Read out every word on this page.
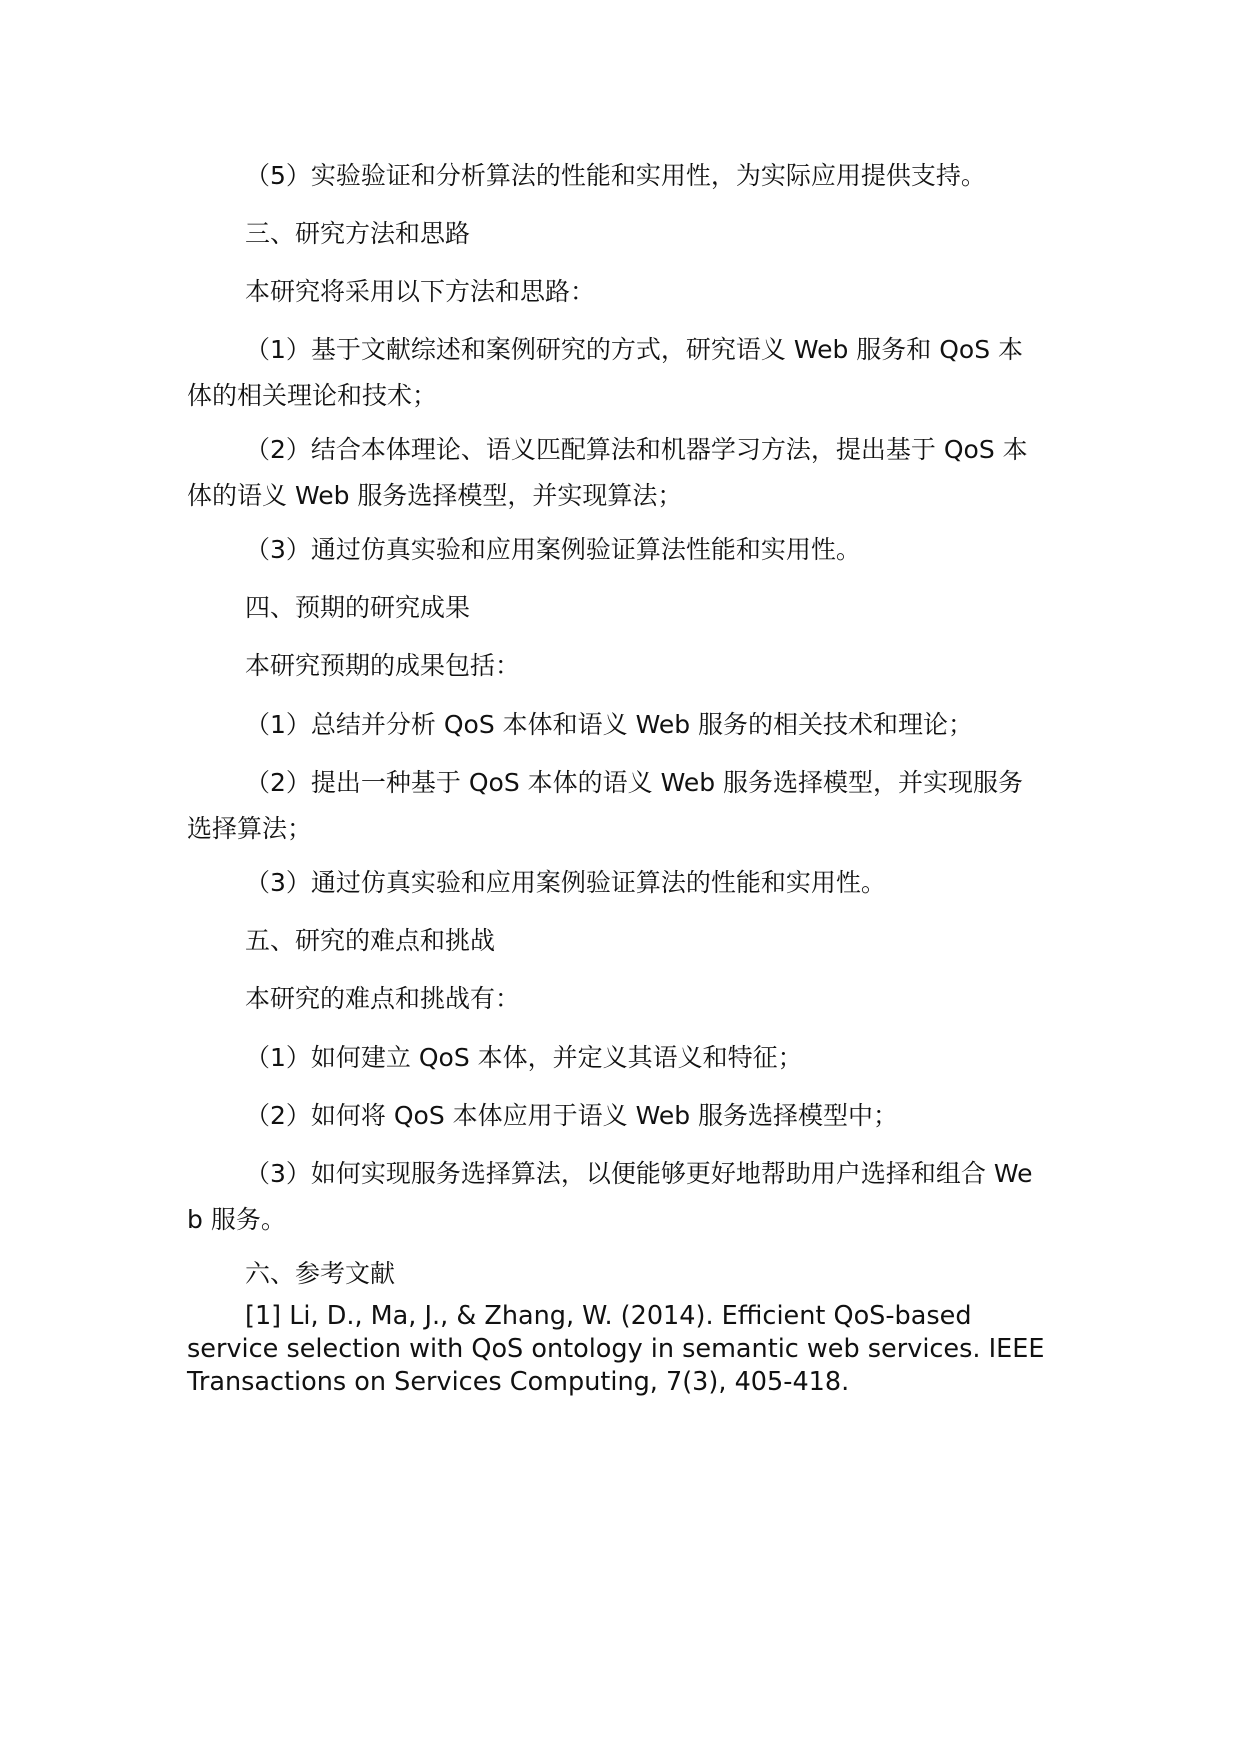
（5）实验验证和分析算法的性能和实用性，为实际应用提供支持。

三、研究方法和思路

本研究将采用以下方法和思路：

（1）基于文献综述和案例研究的方式，研究语义 Web 服务和 QoS 本体的相关理论和技术；

（2）结合本体理论、语义匹配算法和机器学习方法，提出基于 QoS 本体的语义 Web 服务选择模型，并实现算法；

（3）通过仿真实验和应用案例验证算法性能和实用性。

四、预期的研究成果

本研究预期的成果包括：

（1）总结并分析 QoS 本体和语义 Web 服务的相关技术和理论；

（2）提出一种基于 QoS 本体的语义 Web 服务选择模型，并实现服务选择算法；

（3）通过仿真实验和应用案例验证算法的性能和实用性。

五、研究的难点和挑战

本研究的难点和挑战有：

（1）如何建立 QoS 本体，并定义其语义和特征；

（2）如何将 QoS 本体应用于语义 Web 服务选择模型中；

（3）如何实现服务选择算法，以便能够更好地帮助用户选择和组合 Web 服务。

六、参考文献

[1] Li, D., Ma, J., & Zhang, W. (2014). Efficient QoS-based service selection with QoS ontology in semantic web services. IEEE Transactions on Services Computing, 7(3), 405-418.
